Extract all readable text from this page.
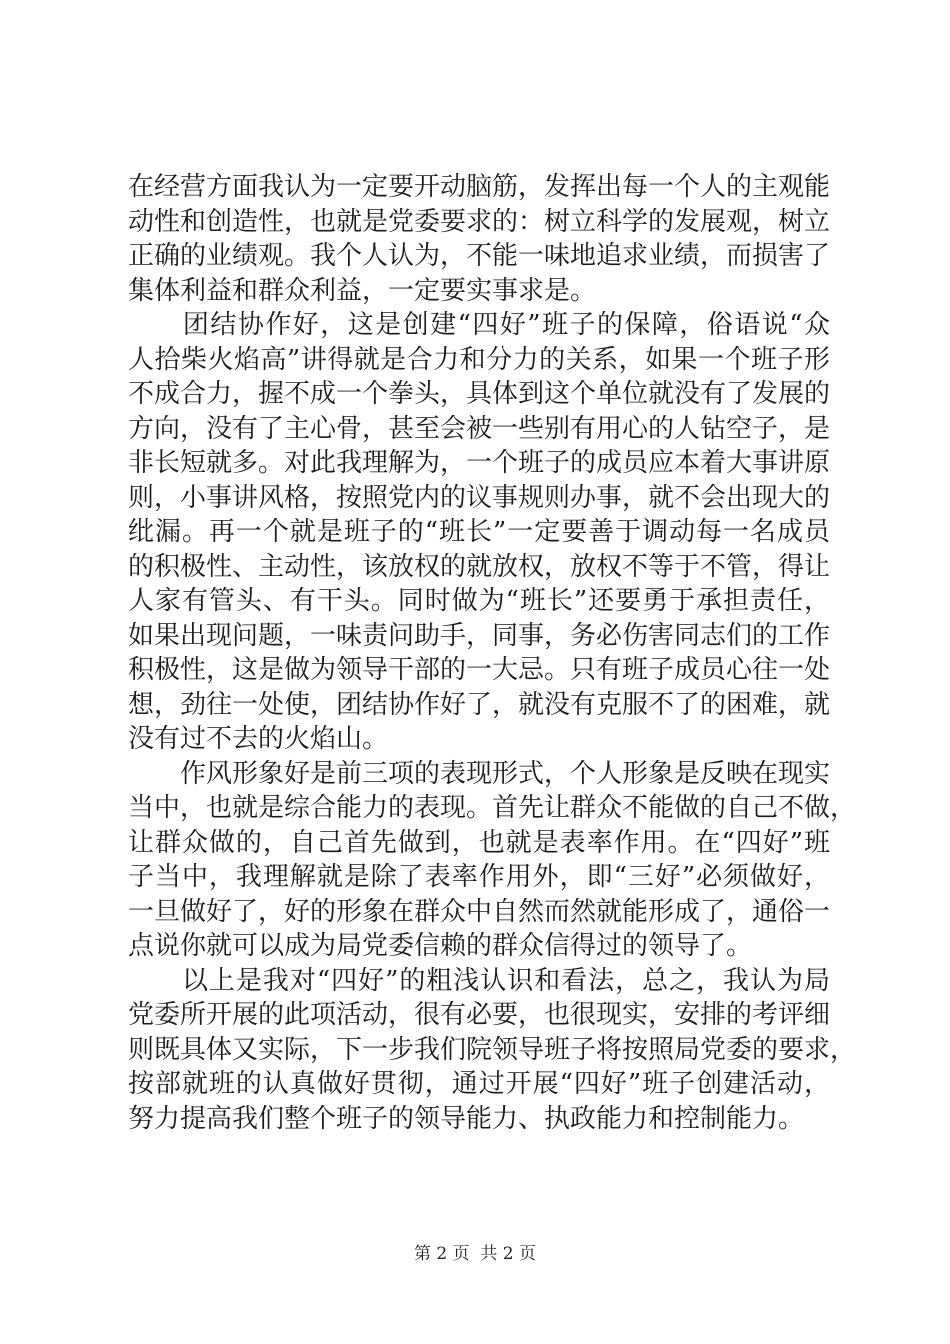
在经营方面我认为一定要开动脑筋，发挥出每一个人的主观能
动性和创造性，也就是党委要求的：树立科学的发展观，树立
正确的业绩观。我个人认为，不能一味地追求业绩，而损害了
集体利益和群众利益，一定要实事求是。
　　团结协作好，这是创建“四好”班子的保障，俗语说“众
人拾柴火焰高”讲得就是合力和分力的关系，如果一个班子形
不成合力，握不成一个拳头，具体到这个单位就没有了发展的
方向，没有了主心骨，甚至会被一些别有用心的人钻空子，是
非长短就多。对此我理解为，一个班子的成员应本着大事讲原
则，小事讲风格，按照党内的议事规则办事，就不会出现大的
纰漏。再一个就是班子的“班长”一定要善于调动每一名成员
的积极性、主动性，该放权的就放权，放权不等于不管，得让
人家有管头、有干头。同时做为“班长”还要勇于承担责任，
如果出现问题，一味责问助手，同事，务必伤害同志们的工作
积极性，这是做为领导干部的一大忌。只有班子成员心往一处
想，劲往一处使，团结协作好了，就没有克服不了的困难，就
没有过不去的火焰山。
　　作风形象好是前三项的表现形式，个人形象是反映在现实
当中，也就是综合能力的表现。首先让群众不能做的自己不做，
让群众做的，自己首先做到，也就是表率作用。在“四好”班
子当中，我理解就是除了表率作用外，即“三好”必须做好，
一旦做好了，好的形象在群众中自然而然就能形成了，通俗一
点说你就可以成为局党委信赖的群众信得过的领导了。
　　以上是我对“四好”的粗浅认识和看法，总之，我认为局
党委所开展的此项活动，很有必要，也很现实，安排的考评细
则既具体又实际，下一步我们院领导班子将按照局党委的要求，
按部就班的认真做好贯彻，通过开展“四好”班子创建活动，
努力提高我们整个班子的领导能力、执政能力和控制能力。
第 2 页  共 2 页
